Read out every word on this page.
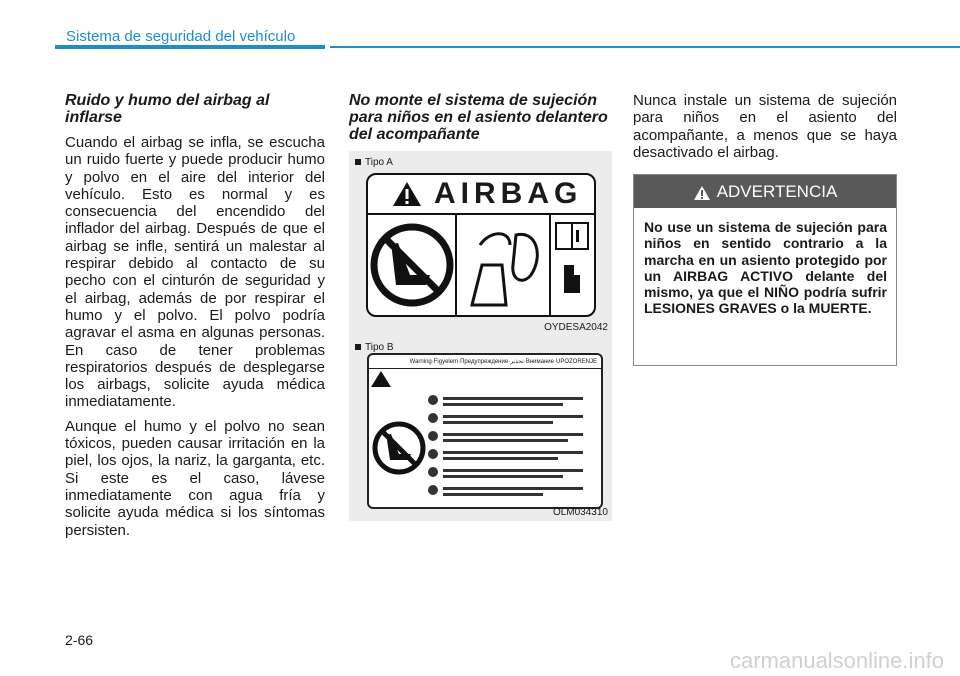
Sistema de seguridad del vehículo
Ruido y humo del airbag al inflarse

Cuando el airbag se infla, se escucha un ruido fuerte y puede producir humo y polvo en el aire del interior del vehículo. Esto es normal y es consecuencia del encendido del inflador del airbag. Después de que el airbag se infle, sentirá un malestar al respirar debido al contacto de su pecho con el cinturón de seguridad y el airbag, además de por respirar el humo y el polvo. El polvo podría agravar el asma en algunas personas. En caso de tener problemas respiratorios después de desplegarse los airbags, solicite ayuda médica inmediatamente.

Aunque el humo y el polvo no sean tóxicos, pueden causar irritación en la piel, los ojos, la nariz, la garganta, etc. Si este es el caso, lávese inmediatamente con agua fría y solicite ayuda médica si los síntomas persisten.

No monte el sistema de sujeción para niños en el asiento delantero del acompañante
Tipo A
AIRBAG
OYDESA2042
Tipo B
Warning·Figyelem·Предупреждение·تحذير·Внимание·UPOZORENJE
OLM034310

Nunca instale un sistema de sujeción para niños en el asiento del acompañante, a menos que se haya desactivado el airbag.

ADVERTENCIA
No use un sistema de sujeción para niños en sentido contrario a la marcha en un asiento protegido por un AIRBAG ACTIVO delante del mismo, ya que el NIÑO podría sufrir LESIONES GRAVES o la MUERTE.
2-66
carmanualsonline.info
